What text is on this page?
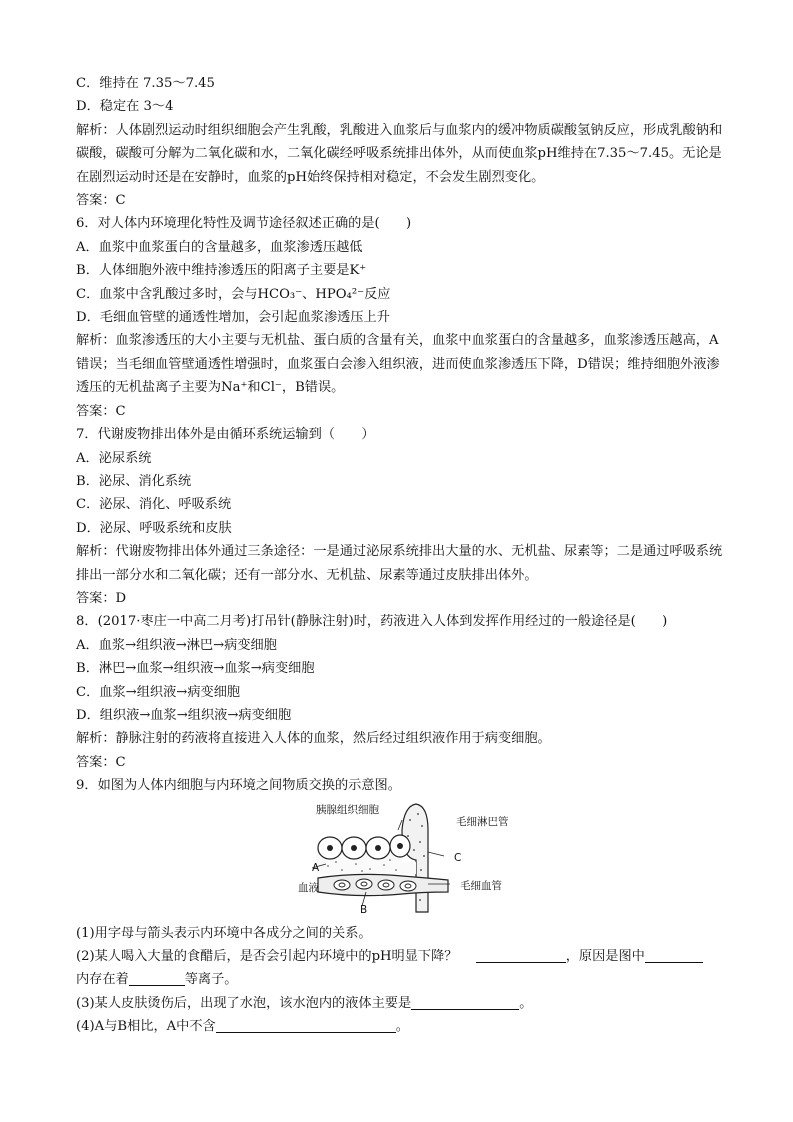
C．维持在 7.35～7.45
D．稳定在 3～4
解析：人体剧烈运动时组织细胞会产生乳酸，乳酸进入血浆后与血浆内的缓冲物质碳酸氢钠反应，形成乳酸钠和碳酸，碳酸可分解为二氧化碳和水，二氧化碳经呼吸系统排出体外，从而使血浆pH维持在7.35～7.45。无论是在剧烈运动时还是在安静时，血浆的pH始终保持相对稳定，不会发生剧烈变化。
答案：C
6．对人体内环境理化特性及调节途径叙述正确的是(　　)
A．血浆中血浆蛋白的含量越多，血浆渗透压越低
B．人体细胞外液中维持渗透压的阳离子主要是K⁺
C．血浆中含乳酸过多时，会与HCO₃⁻、HPO₄²⁻反应
D．毛细血管壁的通透性增加，会引起血浆渗透压上升
解析：血浆渗透压的大小主要与无机盐、蛋白质的含量有关，血浆中血浆蛋白的含量越多，血浆渗透压越高，A错误；当毛细血管壁通透性增强时，血浆蛋白会渗入组织液，进而使血浆渗透压下降，D错误；维持细胞外液渗透压的无机盐离子主要为Na⁺和Cl⁻，B错误。
答案：C
7．代谢废物排出体外是由循环系统运输到（　　）
A．泌尿系统
B．泌尿、消化系统
C．泌尿、消化、呼吸系统
D．泌尿、呼吸系统和皮肤
解析：代谢废物排出体外通过三条途径：一是通过泌尿系统排出大量的水、无机盐、尿素等；二是通过呼吸系统排出一部分水和二氧化碳；还有一部分水、无机盐、尿素等通过皮肤排出体外。
答案：D
8．(2017·枣庄一中高二月考)打吊针(静脉注射)时，药液进入人体到发挥作用经过的一般途径是(　　)
A．血浆→组织液→淋巴→病变细胞
B．淋巴→血浆→组织液→血浆→病变细胞
C．血浆→组织液→病变细胞
D．组织液→血浆→组织液→病变细胞
解析：静脉注射的药液将直接进入人体的血浆，然后经过组织液作用于病变细胞。
答案：C
9．如图为人体内细胞与内环境之间物质交换的示意图。
胰腺组织细胞
毛细淋巴管
C
A
血液	毛细血管
B
(1)用字母与箭头表示内环境中各成分之间的关系。
(2)某人喝入大量的食醋后，是否会引起内环境中的pH明显下降？	，原因是图中
内存在着	等离子。
(3)某人皮肤烫伤后，出现了水泡，该水泡内的液体主要是	。
(4)A与B相比，A中不含	。
